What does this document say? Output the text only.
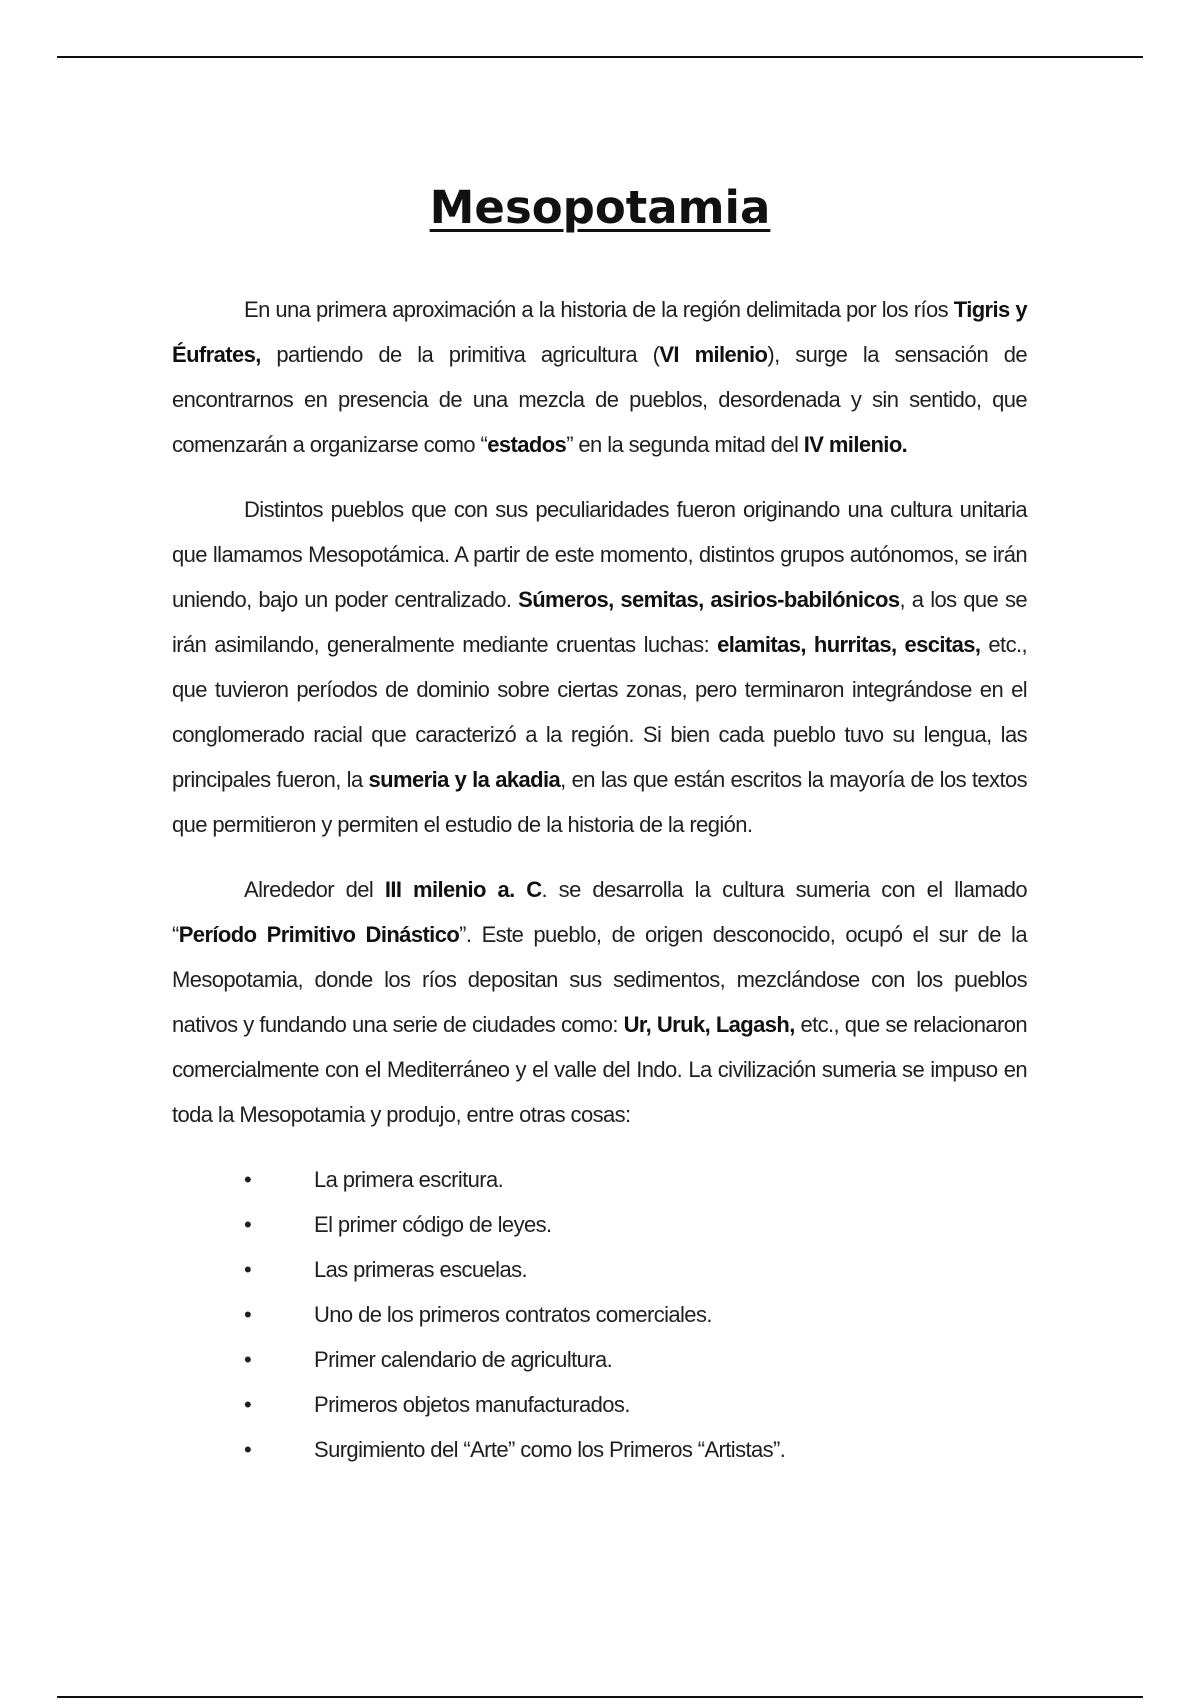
Mesopotamia

En una primera aproximación a la historia de la región delimitada por los ríos Tigris y Éufrates, partiendo de la primitiva agricultura (VI milenio), surge la sensación de encontrarnos en presencia de una mezcla de pueblos, desordenada y sin sentido, que comenzarán a organizarse como “estados” en la segunda mitad del IV milenio.

Distintos pueblos que con sus peculiaridades fueron originando una cultura unitaria que llamamos Mesopotámica. A partir de este momento, distintos grupos autónomos, se irán uniendo, bajo un poder centralizado. Súmeros, semitas, asirios-babilónicos, a los que se irán asimilando, generalmente mediante cruentas luchas: elamitas, hurritas, escitas, etc., que tuvieron períodos de dominio sobre ciertas zonas, pero terminaron integrándose en el conglomerado racial que caracterizó a la región. Si bien cada pueblo tuvo su lengua, las principales fueron, la sumeria y la akadia, en las que están escritos la mayoría de los textos que permitieron y permiten el estudio de la historia de la región.

Alrededor del III milenio a. C. se desarrolla la cultura sumeria con el llamado “Período Primitivo Dinástico”. Este pueblo, de origen desconocido, ocupó el sur de la Mesopotamia, donde los ríos depositan sus sedimentos, mezclándose con los pueblos nativos y fundando una serie de ciudades como: Ur, Uruk, Lagash, etc., que se relacionaron comercialmente con el Mediterráneo y el valle del Indo. La civilización sumeria se impuso en toda la Mesopotamia y produjo, entre otras cosas:

•	La primera escritura.
•	El primer código de leyes.
•	Las primeras escuelas.
•	Uno de los primeros contratos comerciales.
•	Primer calendario de agricultura.
•	Primeros objetos manufacturados.
•	Surgimiento del “Arte” como los Primeros “Artistas”.
